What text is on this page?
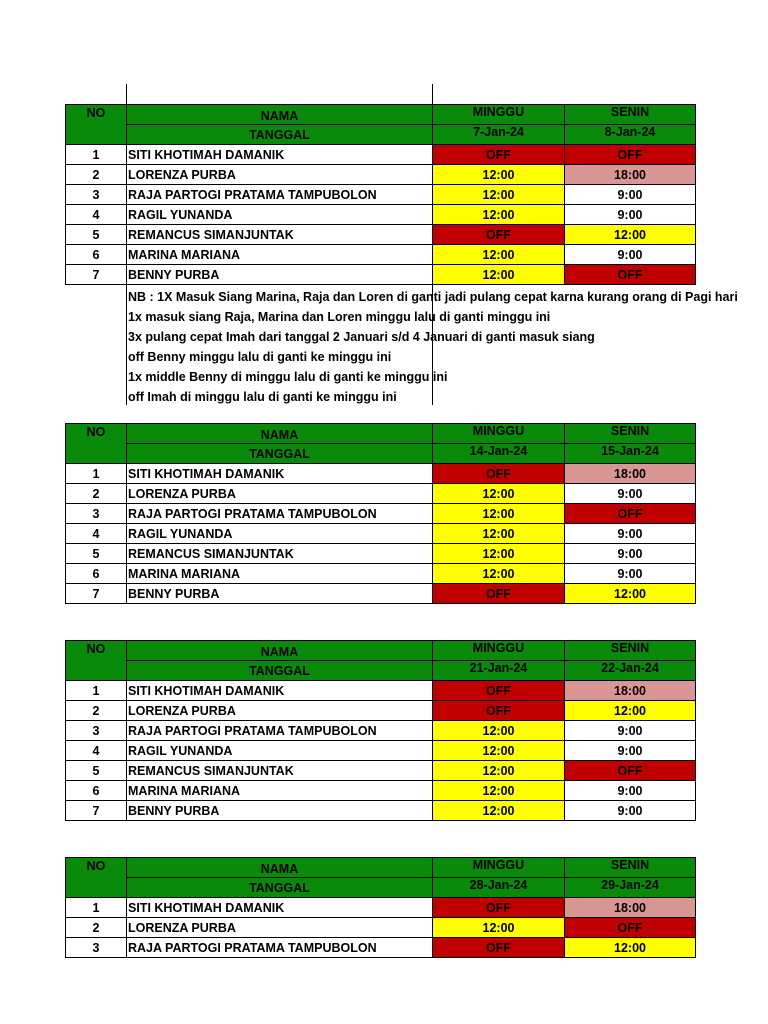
NO	NAMA	MINGGU	SENIN
	TANGGAL	7-Jan-24	8-Jan-24
1	SITI KHOTIMAH DAMANIK	OFF	OFF
2	LORENZA PURBA	12:00	18:00
3	RAJA PARTOGI PRATAMA TAMPUBOLON	12:00	9:00
4	RAGIL YUNANDA	12:00	9:00
5	REMANCUS SIMANJUNTAK	OFF	12:00
6	MARINA MARIANA	12:00	9:00
7	BENNY PURBA	12:00	OFF
NB : 1X Masuk Siang Marina, Raja dan Loren di ganti jadi pulang cepat karna kurang orang di Pagi hari
1x masuk siang Raja, Marina dan Loren minggu lalu di ganti minggu ini
3x pulang cepat Imah dari tanggal 2 Januari s/d 4 Januari di ganti masuk siang
off Benny minggu lalu di ganti ke minggu ini
1x middle Benny di minggu lalu di ganti ke minggu ini
off Imah di minggu lalu di ganti ke minggu ini
NO	NAMA	MINGGU	SENIN
	TANGGAL	14-Jan-24	15-Jan-24
1	SITI KHOTIMAH DAMANIK	OFF	18:00
2	LORENZA PURBA	12:00	9:00
3	RAJA PARTOGI PRATAMA TAMPUBOLON	12:00	OFF
4	RAGIL YUNANDA	12:00	9:00
5	REMANCUS SIMANJUNTAK	12:00	9:00
6	MARINA MARIANA	12:00	9:00
7	BENNY PURBA	OFF	12:00
NO	NAMA	MINGGU	SENIN
	TANGGAL	21-Jan-24	22-Jan-24
1	SITI KHOTIMAH DAMANIK	OFF	18:00
2	LORENZA PURBA	OFF	12:00
3	RAJA PARTOGI PRATAMA TAMPUBOLON	12:00	9:00
4	RAGIL YUNANDA	12:00	9:00
5	REMANCUS SIMANJUNTAK	12:00	OFF
6	MARINA MARIANA	12:00	9:00
7	BENNY PURBA	12:00	9:00
NO	NAMA	MINGGU	SENIN
	TANGGAL	28-Jan-24	29-Jan-24
1	SITI KHOTIMAH DAMANIK	OFF	18:00
2	LORENZA PURBA	12:00	OFF
3	RAJA PARTOGI PRATAMA TAMPUBOLON	OFF	12:00
